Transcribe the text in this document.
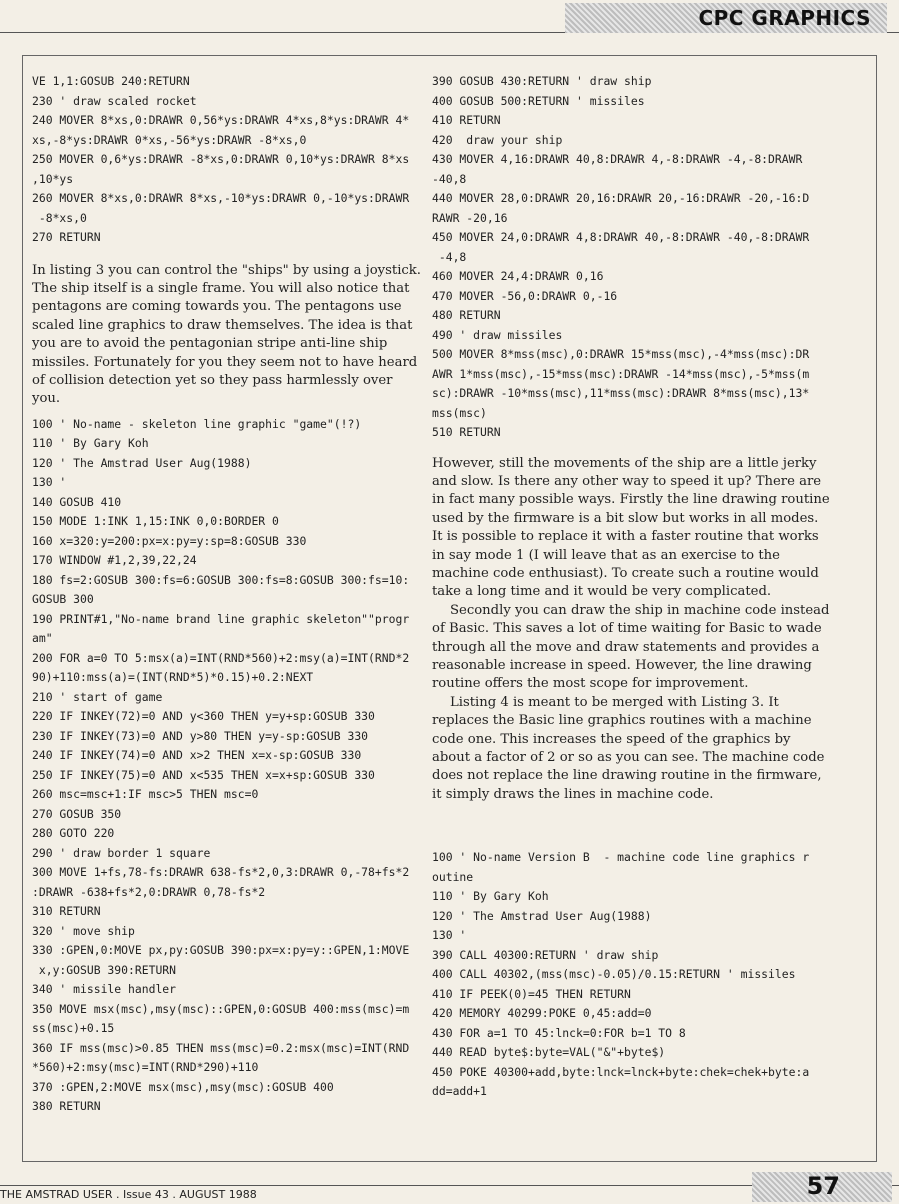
CPC GRAPHICS
VE 1,1:GOSUB 240:RETURN
230 ' draw scaled rocket
240 MOVER 8*xs,0:DRAWR 0,56*ys:DRAWR 4*xs,8*ys:DRAWR 4*
xs,-8*ys:DRAWR 0*xs,-56*ys:DRAWR -8*xs,0
250 MOVER 0,6*ys:DRAWR -8*xs,0:DRAWR 0,10*ys:DRAWR 8*xs
,10*ys
260 MOVER 8*xs,0:DRAWR 8*xs,-10*ys:DRAWR 0,-10*ys:DRAWR
-8*xs,0
270 RETURN

In listing 3 you can control the "ships" by using a joystick. The ship itself is a single frame. You will also notice that pentagons are coming towards you. The pentagons use scaled line graphics to draw themselves. The idea is that you are to avoid the pentagonian stripe anti-line ship missiles. Fortunately for you they seem not to have heard of collision detection yet so they pass harmlessly over you.

100 ' No-name - skeleton line graphic "game"(!?)
110 ' By Gary Koh
120 ' The Amstrad User Aug(1988)
130 '
140 GOSUB 410
150 MODE 1:INK 1,15:INK 0,0:BORDER 0
160 x=320:y=200:px=x:py=y:sp=8:GOSUB 330
170 WINDOW #1,2,39,22,24
180 fs=2:GOSUB 300:fs=6:GOSUB 300:fs=8:GOSUB 300:fs=10:
GOSUB 300
190 PRINT#1,"No-name brand line graphic skeleton""progr
am"
200 FOR a=0 TO 5:msx(a)=INT(RND*560)+2:msy(a)=INT(RND*2
90)+110:mss(a)=(INT(RND*5)*0.15)+0.2:NEXT
210 ' start of game
220 IF INKEY(72)=0 AND y<360 THEN y=y+sp:GOSUB 330
230 IF INKEY(73)=0 AND y>80 THEN y=y-sp:GOSUB 330
240 IF INKEY(74)=0 AND x>2 THEN x=x-sp:GOSUB 330
250 IF INKEY(75)=0 AND x<535 THEN x=x+sp:GOSUB 330
260 msc=msc+1:IF msc>5 THEN msc=0
270 GOSUB 350
280 GOTO 220
290 ' draw border 1 square
300 MOVE 1+fs,78-fs:DRAWR 638-fs*2,0,3:DRAWR 0,-78+fs*2
:DRAWR -638+fs*2,0:DRAWR 0,78-fs*2
310 RETURN
320 ' move ship
330 :GPEN,0:MOVE px,py:GOSUB 390:px=x:py=y::GPEN,1:MOVE
x,y:GOSUB 390:RETURN
340 ' missile handler
350 MOVE msx(msc),msy(msc)::GPEN,0:GOSUB 400:mss(msc)=m
ss(msc)+0.15
360 IF mss(msc)>0.85 THEN mss(msc)=0.2:msx(msc)=INT(RND
*560)+2:msy(msc)=INT(RND*290)+110
370 :GPEN,2:MOVE msx(msc),msy(msc):GOSUB 400
380 RETURN
390 GOSUB 430:RETURN ' draw ship
400 GOSUB 500:RETURN ' missiles
410 RETURN
420  draw your ship
430 MOVER 4,16:DRAWR 40,8:DRAWR 4,-8:DRAWR -4,-8:DRAWR
-40,8
440 MOVER 28,0:DRAWR 20,16:DRAWR 20,-16:DRAWR -20,-16:D
RAWR -20,16
450 MOVER 24,0:DRAWR 4,8:DRAWR 40,-8:DRAWR -40,-8:DRAWR
-4,8
460 MOVER 24,4:DRAWR 0,16
470 MOVER -56,0:DRAWR 0,-16
480 RETURN
490 ' draw missiles
500 MOVER 8*mss(msc),0:DRAWR 15*mss(msc),-4*mss(msc):DR
AWR 1*mss(msc),-15*mss(msc):DRAWR -14*mss(msc),-5*mss(m
sc):DRAWR -10*mss(msc),11*mss(msc):DRAWR 8*mss(msc),13*
mss(msc)
510 RETURN

However, still the movements of the ship are a little jerky and slow. Is there any other way to speed it up? There are in fact many possible ways. Firstly the line drawing routine used by the firmware is a bit slow but works in all modes. It is possible to replace it with a faster routine that works in say mode 1 (I will leave that as an exercise to the machine code enthusiast). To create such a routine would take a long time and it would be very complicated.

Secondly you can draw the ship in machine code instead of Basic. This saves a lot of time waiting for Basic to wade through all the move and draw statements and provides a reasonable increase in speed. However, the line drawing routine offers the most scope for improvement.

Listing 4 is meant to be merged with Listing 3. It replaces the Basic line graphics routines with a machine code one. This increases the speed of the graphics by about a factor of 2 or so as you can see. The machine code does not replace the line drawing routine in the firmware, it simply draws the lines in machine code.

100 ' No-name Version B  - machine code line graphics r
outine
110 ' By Gary Koh
120 ' The Amstrad User Aug(1988)
130 '
390 CALL 40300:RETURN ' draw ship
400 CALL 40302,(mss(msc)-0.05)/0.15:RETURN ' missiles
410 IF PEEK(0)=45 THEN RETURN
420 MEMORY 40299:POKE 0,45:add=0
430 FOR a=1 TO 45:lnck=0:FOR b=1 TO 8
440 READ byte$:byte=VAL("&"+byte$)
450 POKE 40300+add,byte:lnck=lnck+byte:chek=chek+byte:a
dd=add+1
THE AMSTRAD USER . Issue 43 . AUGUST 1988	57
